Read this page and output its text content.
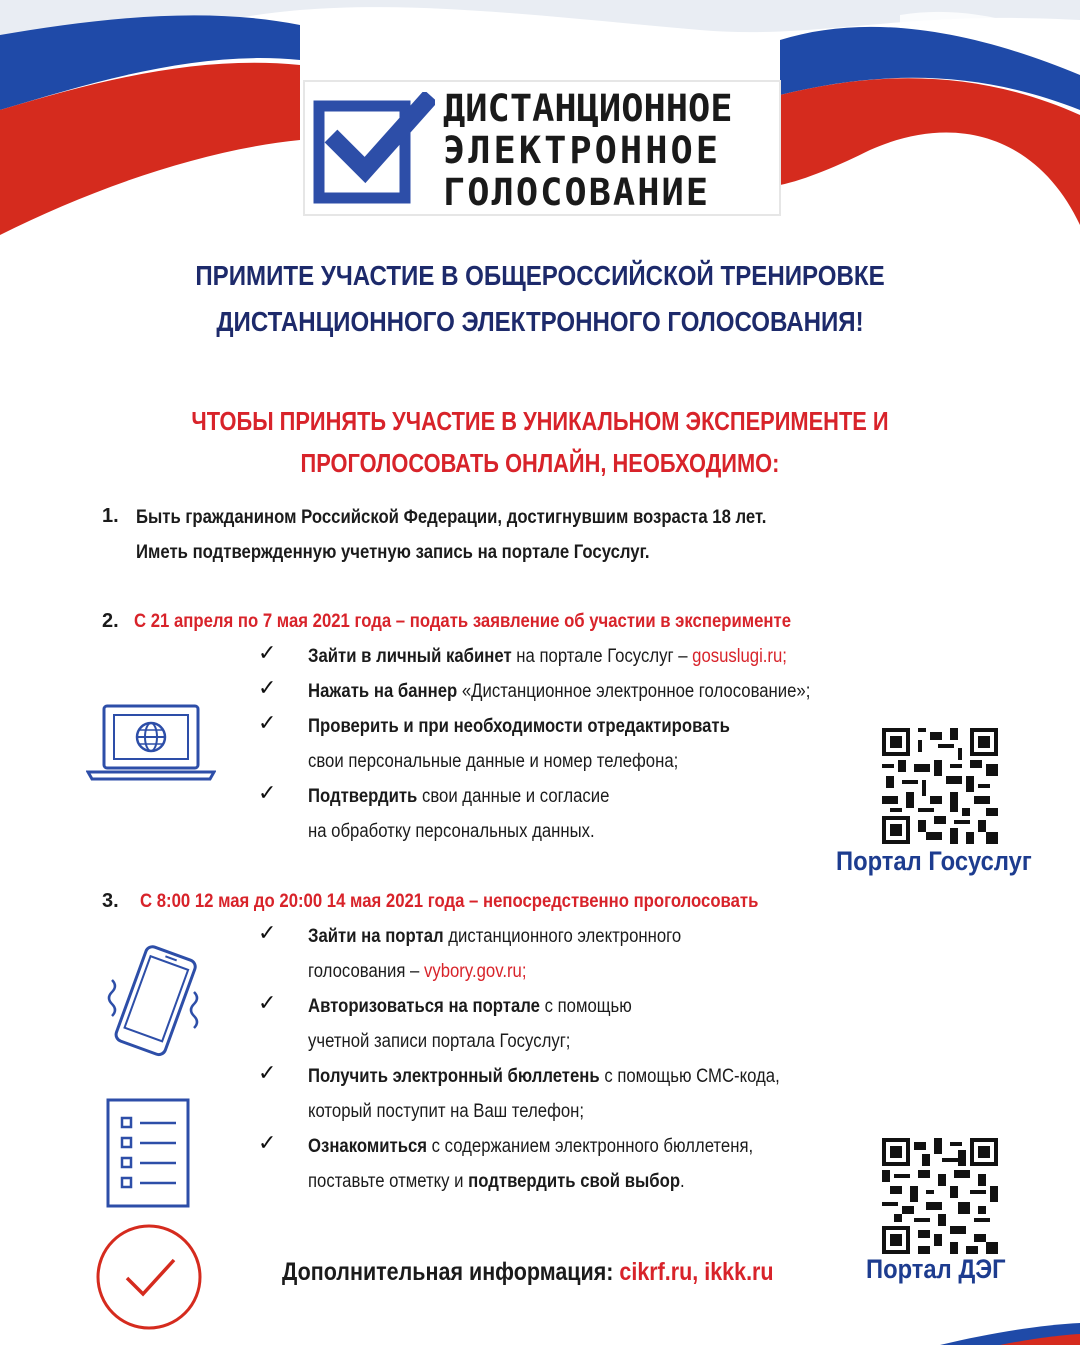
ДИСТАНЦИОННОЕ
ЭЛЕКТРОННОЕ
ГОЛОСОВАНИЕ
ПРИМИТЕ УЧАСТИЕ В ОБЩЕРОССИЙСКОЙ ТРЕНИРОВКЕ
ДИСТАНЦИОННОГО ЭЛЕКТРОННОГО ГОЛОСОВАНИЯ!
ЧТОБЫ ПРИНЯТЬ УЧАСТИЕ В УНИКАЛЬНОМ ЭКСПЕРИМЕНТЕ И
ПРОГОЛОСОВАТЬ ОНЛАЙН, НЕОБХОДИМО:
1. Быть гражданином Российской Федерации, достигнувшим возраста 18 лет.
Иметь подтвержденную учетную запись на портале Госуслуг.
2. С 21 апреля по 7 мая 2021 года – подать заявление об участии в эксперименте
✓ Зайти в личный кабинет на портале Госуслуг – gosuslugi.ru;
✓ Нажать на баннер «Дистанционное электронное голосование»;
✓ Проверить и при необходимости отредактировать
свои персональные данные и номер телефона;
✓ Подтвердить свои данные и согласие
на обработку персональных данных.
Портал Госуслуг
3. С 8:00 12 мая до 20:00 14 мая 2021 года – непосредственно проголосовать
✓ Зайти на портал дистанционного электронного
голосования – vybory.gov.ru;
✓ Авторизоваться на портале с помощью
учетной записи портала Госуслуг;
✓ Получить электронный бюллетень с помощью СМС-кода,
который поступит на Ваш телефон;
✓ Ознакомиться с содержанием электронного бюллетеня,
поставьте отметку и подтвердить свой выбор.
Портал ДЭГ
Дополнительная информация: cikrf.ru, ikkk.ru
